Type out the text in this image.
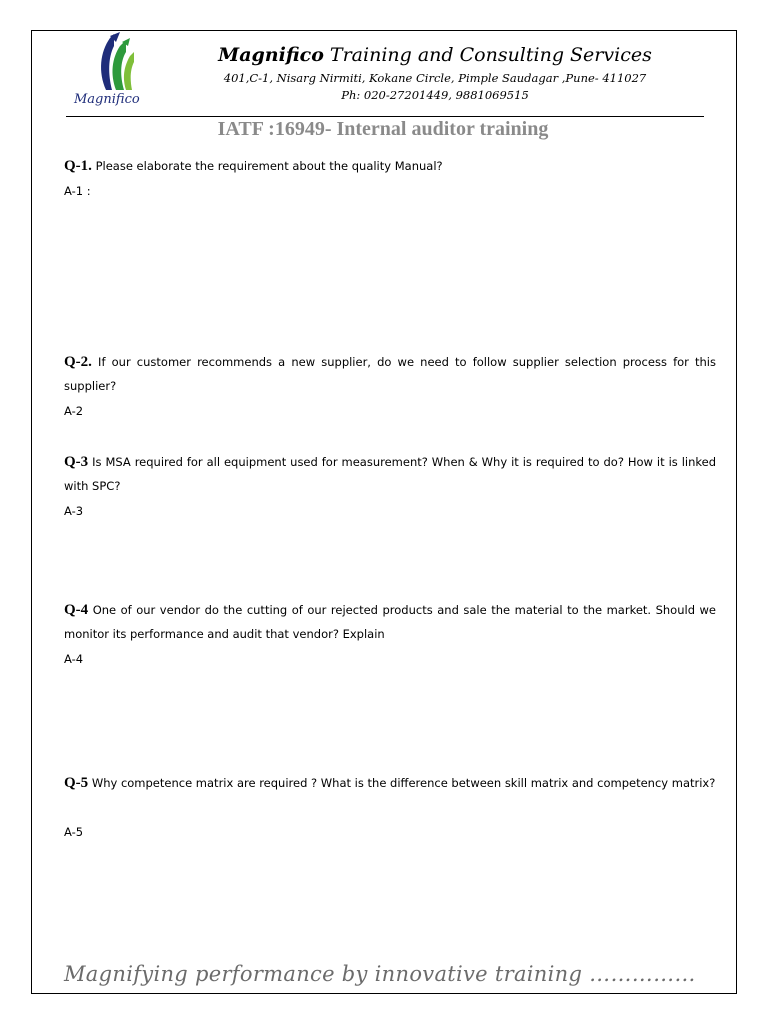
Magnifico
Magnifico Training and Consulting Services
401,C-1, Nisarg Nirmiti, Kokane Circle, Pimple Saudagar ,Pune- 411027
Ph: 020-27201449, 9881069515
IATF :16949- Internal auditor training
Q-1. Please elaborate the requirement about the quality Manual?
A-1 :
Q-2. If our customer recommends a new supplier, do we need to follow supplier selection process for this supplier?
A-2
Q-3 Is MSA required for all equipment used for measurement? When & Why it is required to do? How it is linked with SPC?
A-3
Q-4 One of our vendor do the cutting of our rejected products and sale the material to the market. Should we monitor its performance and audit that vendor? Explain
A-4
Q-5 Why competence matrix are required ? What is the difference between skill matrix and competency matrix?
A-5
Magnifying performance by innovative training ……………
